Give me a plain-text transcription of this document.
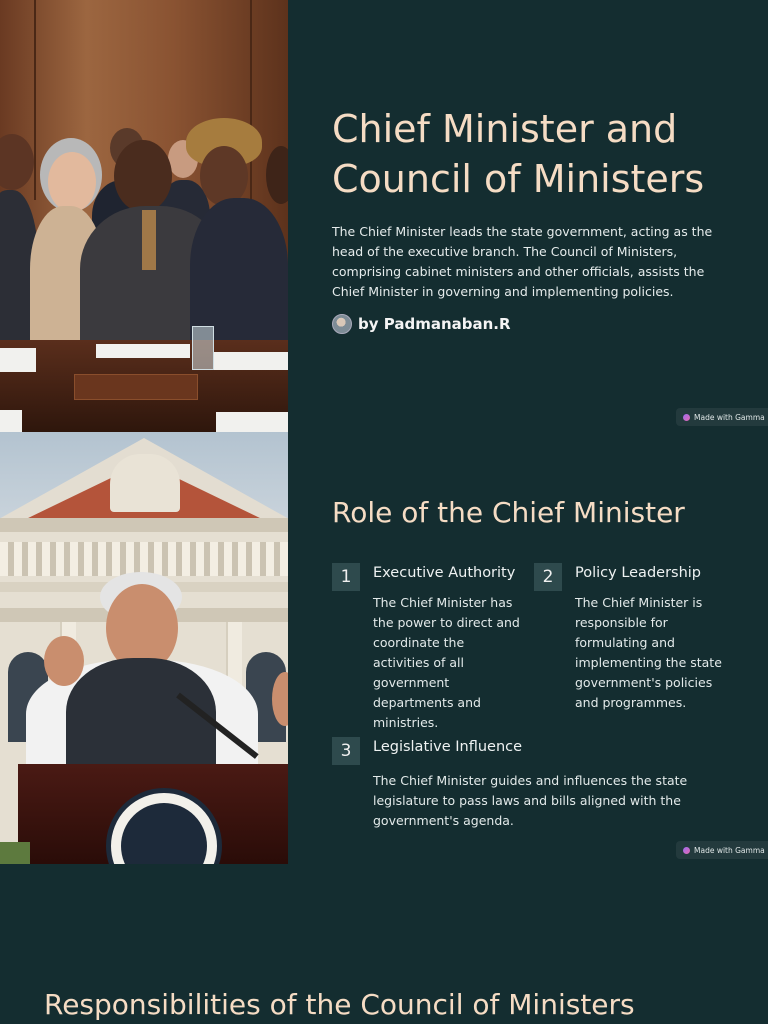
Chief Minister and Council of Ministers

The Chief Minister leads the state government, acting as the head of the executive branch. The Council of Ministers, comprising cabinet ministers and other officials, assists the Chief Minister in governing and implementing policies.

by Padmanaban.R
Made with Gamma
Role of the Chief Minister
1	Executive Authority
The Chief Minister has the power to direct and coordinate the activities of all government departments and ministries.
2	Policy Leadership
The Chief Minister is responsible for formulating and implementing the state government's policies and programmes.
3	Legislative Influence
The Chief Minister guides and influences the state legislature to pass laws and bills aligned with the government's agenda.
Made with Gamma
Responsibilities of the Council of Ministers
